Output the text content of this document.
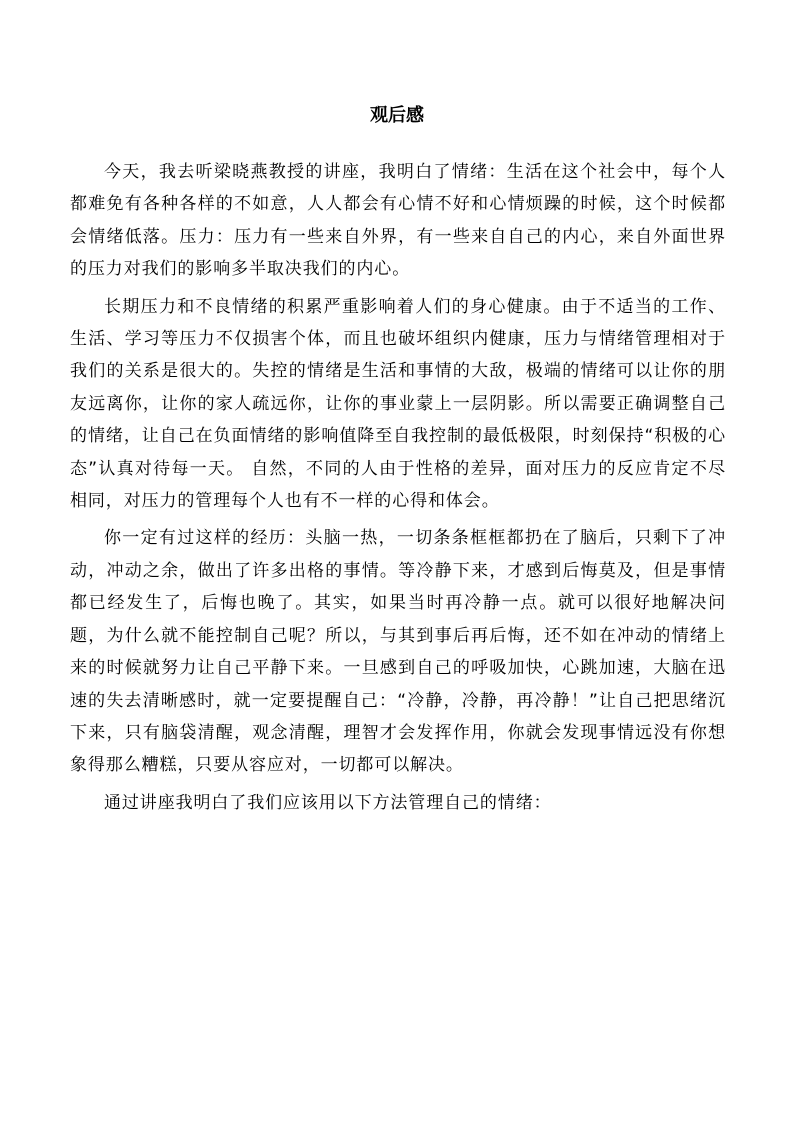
观后感

今天，我去听梁晓燕教授的讲座，我明白了情绪：生活在这个社会中，每个人都难免有各种各样的不如意，人人都会有心情不好和心情烦躁的时候，这个时候都会情绪低落。压力：压力有一些来自外界，有一些来自自己的内心，来自外面世界的压力对我们的影响多半取决我们的内心。

长期压力和不良情绪的积累严重影响着人们的身心健康。由于不适当的工作、生活、学习等压力不仅损害个体，而且也破坏组织内健康，压力与情绪管理相对于我们的关系是很大的。失控的情绪是生活和事情的大敌，极端的情绪可以让你的朋友远离你，让你的家人疏远你，让你的事业蒙上一层阴影。所以需要正确调整自己的情绪，让自己在负面情绪的影响值降至自我控制的最低极限，时刻保持“积极的心态”认真对待每一天。 自然，不同的人由于性格的差异，面对压力的反应肯定不尽相同，对压力的管理每个人也有不一样的心得和体会。

你一定有过这样的经历：头脑一热，一切条条框框都扔在了脑后，只剩下了冲动，冲动之余，做出了许多出格的事情。等冷静下来，才感到后悔莫及，但是事情都已经发生了，后悔也晚了。其实，如果当时再冷静一点。就可以很好地解决问题，为什么就不能控制自己呢？所以，与其到事后再后悔，还不如在冲动的情绪上来的时候就努力让自己平静下来。一旦感到自己的呼吸加快，心跳加速，大脑在迅速的失去清晰感时，就一定要提醒自己：“冷静，冷静，再冷静！”让自己把思绪沉下来，只有脑袋清醒，观念清醒，理智才会发挥作用，你就会发现事情远没有你想象得那么糟糕，只要从容应对，一切都可以解决。

通过讲座我明白了我们应该用以下方法管理自己的情绪：
